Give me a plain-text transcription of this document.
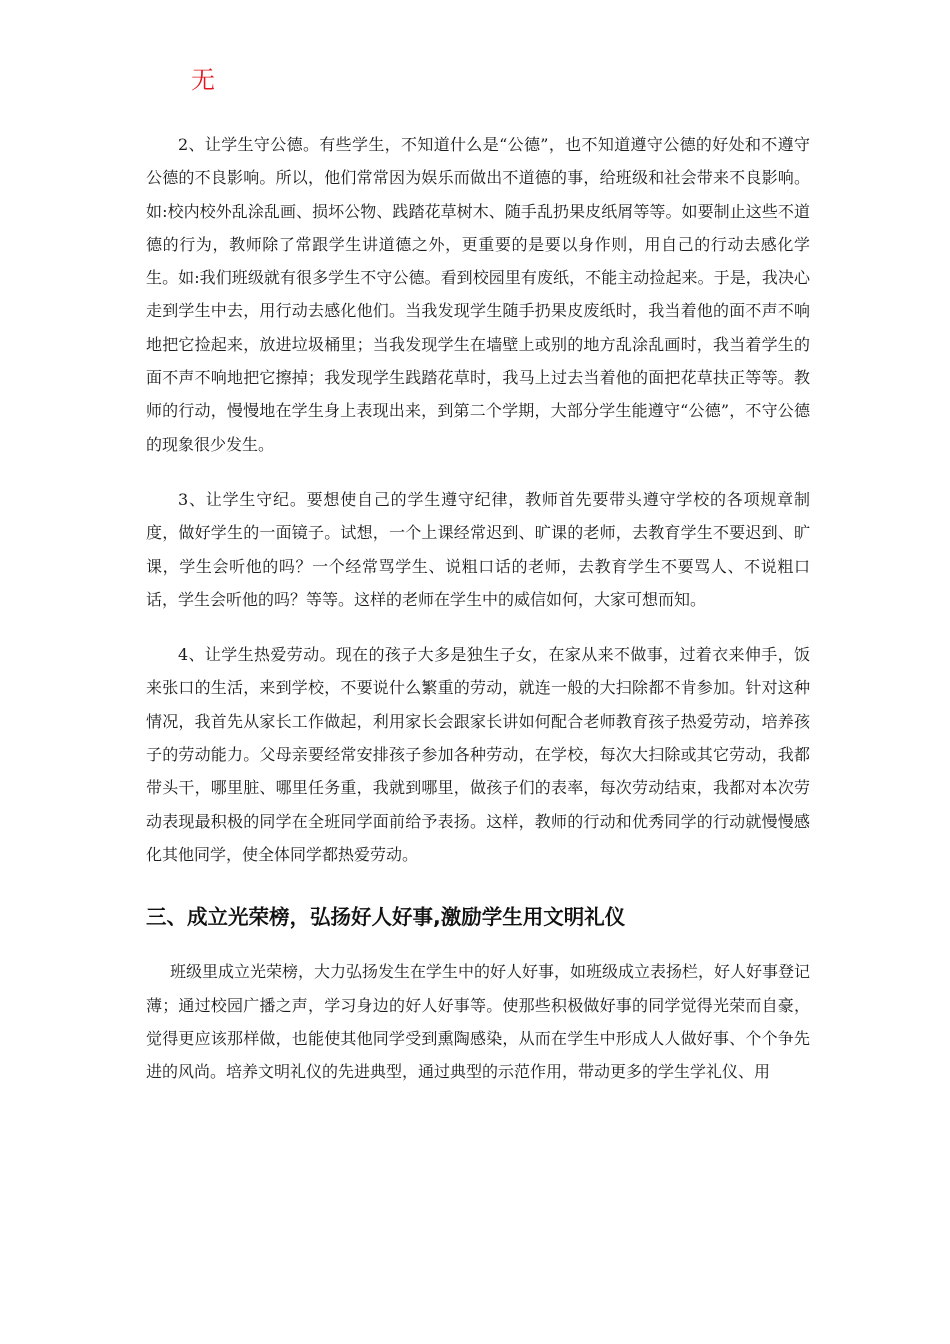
无

2、让学生守公德。有些学生，不知道什么是“公德”，也不知道遵守公德的好处和不遵守公德的不良影响。所以，他们常常因为娱乐而做出不道德的事，给班级和社会带来不良影响。如:校内校外乱涂乱画、损坏公物、践踏花草树木、随手乱扔果皮纸屑等等。如要制止这些不道德的行为，教师除了常跟学生讲道德之外，更重要的是要以身作则，用自己的行动去感化学生。如:我们班级就有很多学生不守公德。看到校园里有废纸，不能主动捡起来。于是，我决心走到学生中去，用行动去感化他们。当我发现学生随手扔果皮废纸时，我当着他的面不声不响地把它捡起来，放进垃圾桶里；当我发现学生在墙壁上或别的地方乱涂乱画时，我当着学生的面不声不响地把它擦掉；我发现学生践踏花草时，我马上过去当着他的面把花草扶正等等。教师的行动，慢慢地在学生身上表现出来，到第二个学期，大部分学生能遵守“公德”，不守公德的现象很少发生。

3、让学生守纪。要想使自己的学生遵守纪律，教师首先要带头遵守学校的各项规章制度，做好学生的一面镜子。试想，一个上课经常迟到、旷课的老师，去教育学生不要迟到、旷课，学生会听他的吗？一个经常骂学生、说粗口话的老师，去教育学生不要骂人、不说粗口话，学生会听他的吗？等等。这样的老师在学生中的威信如何，大家可想而知。

4、让学生热爱劳动。现在的孩子大多是独生子女，在家从来不做事，过着衣来伸手，饭来张口的生活，来到学校，不要说什么繁重的劳动，就连一般的大扫除都不肯参加。针对这种情况，我首先从家长工作做起，利用家长会跟家长讲如何配合老师教育孩子热爱劳动，培养孩子的劳动能力。父母亲要经常安排孩子参加各种劳动，在学校，每次大扫除或其它劳动，我都带头干，哪里脏、哪里任务重，我就到哪里，做孩子们的表率，每次劳动结束，我都对本次劳动表现最积极的同学在全班同学面前给予表扬。这样，教师的行动和优秀同学的行动就慢慢感化其他同学，使全体同学都热爱劳动。

三、成立光荣榜，弘扬好人好事,激励学生用文明礼仪

班级里成立光荣榜，大力弘扬发生在学生中的好人好事，如班级成立表扬栏，好人好事登记薄；通过校园广播之声，学习身边的好人好事等。使那些积极做好事的同学觉得光荣而自豪，觉得更应该那样做，也能使其他同学受到熏陶感染，从而在学生中形成人人做好事、个个争先进的风尚。培养文明礼仪的先进典型，通过典型的示范作用，带动更多的学生学礼仪、用
